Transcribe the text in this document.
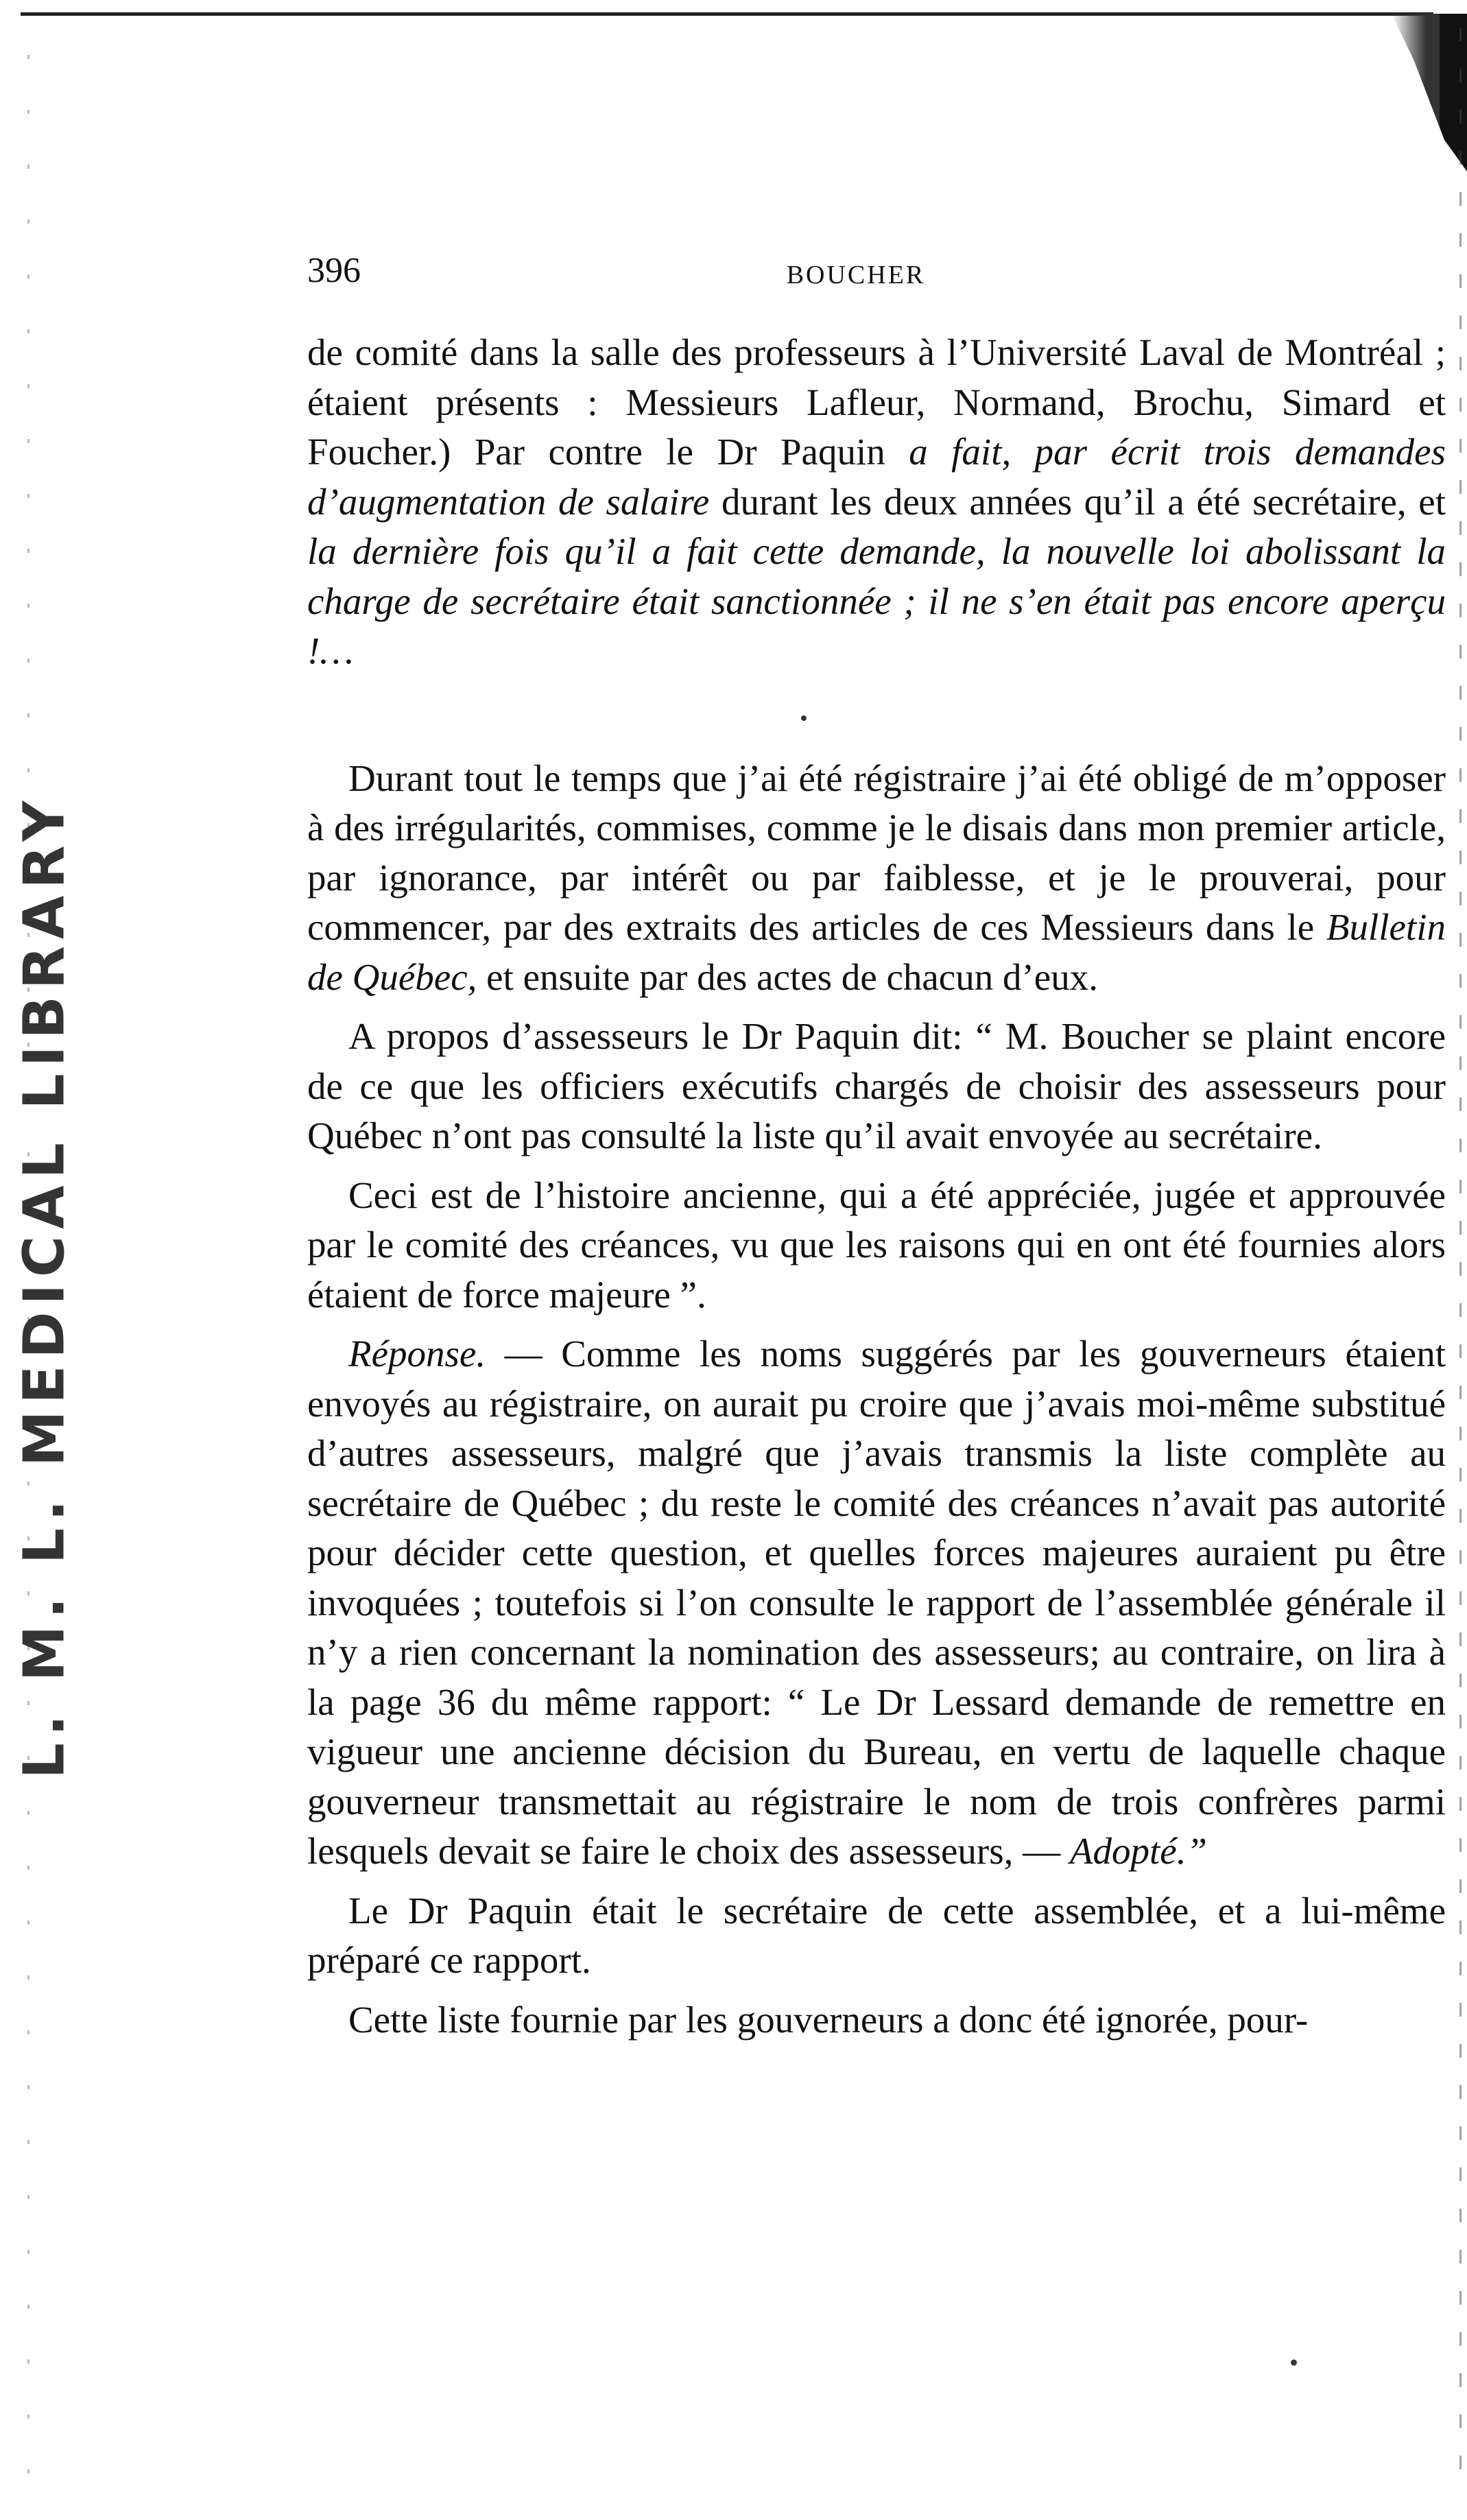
L. M. L. MEDICAL LIBRARY
396	BOUCHER

de comité dans la salle des professeurs à l’Université Laval de Montréal ; étaient présents : Messieurs Lafleur, Normand, Brochu, Simard et Foucher.) Par contre le Dr Paquin a fait, par écrit trois demandes d’augmentation de salaire durant les deux années qu’il a été secrétaire, et la dernière fois qu’il a fait cette demande, la nouvelle loi abolissant la charge de secrétaire était sanctionnée ; il ne s’en était pas encore aperçu !…

Durant tout le temps que j’ai été régistraire j’ai été obligé de m’opposer à des irrégularités, commises, comme je le disais dans mon premier article, par ignorance, par intérêt ou par faiblesse, et je le prouverai, pour commencer, par des extraits des articles de ces Messieurs dans le Bulletin de Québec, et ensuite par des actes de chacun d’eux.

A propos d’assesseurs le Dr Paquin dit: “ M. Boucher se plaint encore de ce que les officiers exécutifs chargés de choisir des assesseurs pour Québec n’ont pas consulté la liste qu’il avait envoyée au secrétaire.

Ceci est de l’histoire ancienne, qui a été appréciée, jugée et approuvée par le comité des créances, vu que les raisons qui en ont été fournies alors étaient de force majeure ”.

Réponse. — Comme les noms suggérés par les gouverneurs étaient envoyés au régistraire, on aurait pu croire que j’avais moi-même substitué d’autres assesseurs, malgré que j’avais transmis la liste complète au secrétaire de Québec ; du reste le comité des créances n’avait pas autorité pour décider cette question, et quelles forces majeures auraient pu être invoquées ; toutefois si l’on consulte le rapport de l’assemblée générale il n’y a rien concernant la nomination des assesseurs; au contraire, on lira à la page 36 du même rapport: “ Le Dr Lessard demande de remettre en vigueur une ancienne décision du Bureau, en vertu de laquelle chaque gouverneur transmettait au régistraire le nom de trois confrères parmi lesquels devait se faire le choix des assesseurs, — Adopté.”

Le Dr Paquin était le secrétaire de cette assemblée, et a lui-même préparé ce rapport.

Cette liste fournie par les gouverneurs a donc été ignorée, pour-
